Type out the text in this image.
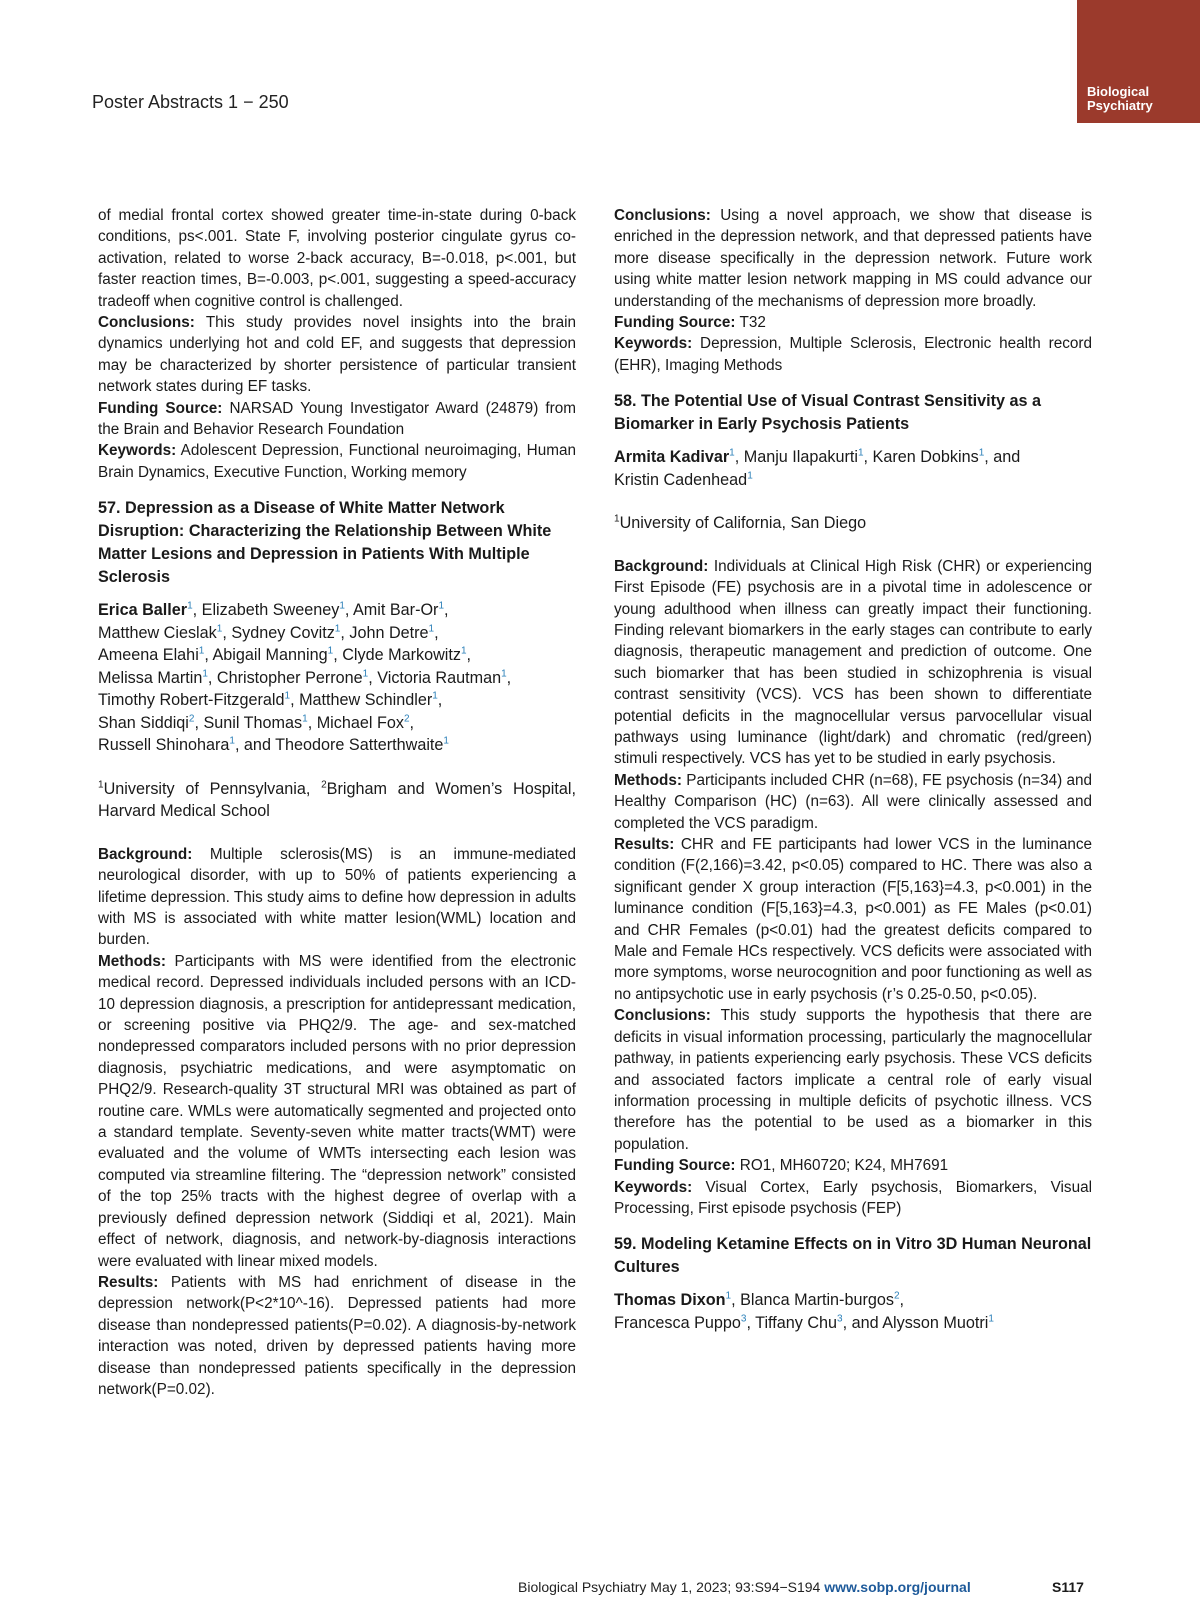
Biological
Psychiatry
Poster Abstracts 1 − 250

of medial frontal cortex showed greater time-in-state during 0-back conditions, ps<.001. State F, involving posterior cingulate gyrus co-activation, related to worse 2-back accuracy, B=-0.018, p<.001, but faster reaction times, B=-0.003, p<.001, suggesting a speed-accuracy tradeoff when cognitive control is challenged.

Conclusions: This study provides novel insights into the brain dynamics underlying hot and cold EF, and suggests that depression may be characterized by shorter persistence of particular transient network states during EF tasks.

Funding Source: NARSAD Young Investigator Award (24879) from the Brain and Behavior Research Foundation

Keywords: Adolescent Depression, Functional neuroimaging, Human Brain Dynamics, Executive Function, Working memory

57. Depression as a Disease of White Matter Network Disruption: Characterizing the Relationship Between White Matter Lesions and Depression in Patients With Multiple Sclerosis

Erica Baller$^1$, Elizabeth Sweeney$^1$, Amit Bar-Or$^1$,
Matthew Cieslak$^1$, Sydney Covitz$^1$, John Detre$^1$,
Ameena Elahi$^1$, Abigail Manning$^1$, Clyde Markowitz$^1$,
Melissa Martin$^1$, Christopher Perrone$^1$, Victoria Rautman$^1$,
Timothy Robert-Fitzgerald$^1$, Matthew Schindler$^1$,
Shan Siddiqi$^2$, Sunil Thomas$^1$, Michael Fox$^2$,
Russell Shinohara$^1$, and Theodore Satterthwaite$^1$

$^1$University of Pennsylvania, $^2$Brigham and Women’s Hospital, Harvard Medical School

Background: Multiple sclerosis(MS) is an immune-mediated neurological disorder, with up to 50% of patients experiencing a lifetime depression. This study aims to define how depression in adults with MS is associated with white matter lesion(WML) location and burden.

Methods: Participants with MS were identified from the electronic medical record. Depressed individuals included persons with an ICD-10 depression diagnosis, a prescription for antidepressant medication, or screening positive via PHQ2/9. The age- and sex-matched nondepressed comparators included persons with no prior depression diagnosis, psychiatric medications, and were asymptomatic on PHQ2/9. Research-quality 3T structural MRI was obtained as part of routine care. WMLs were automatically segmented and projected onto a standard template. Seventy-seven white matter tracts(WMT) were evaluated and the volume of WMTs intersecting each lesion was computed via streamline filtering. The “depression network” consisted of the top 25% tracts with the highest degree of overlap with a previously defined depression network (Siddiqi et al, 2021). Main effect of network, diagnosis, and network-by-diagnosis interactions were evaluated with linear mixed models.

Results: Patients with MS had enrichment of disease in the depression network(P<2*10^-16). Depressed patients had more disease than nondepressed patients(P=0.02). A diagnosis-by-network interaction was noted, driven by depressed patients having more disease than nondepressed patients specifically in the depression network(P=0.02).

Conclusions: Using a novel approach, we show that disease is enriched in the depression network, and that depressed patients have more disease specifically in the depression network. Future work using white matter lesion network mapping in MS could advance our understanding of the mechanisms of depression more broadly.

Funding Source: T32

Keywords: Depression, Multiple Sclerosis, Electronic health record (EHR), Imaging Methods

58. The Potential Use of Visual Contrast Sensitivity as a Biomarker in Early Psychosis Patients

Armita Kadivar$^1$, Manju Ilapakurti$^1$, Karen Dobkins$^1$, and
Kristin Cadenhead$^1$

$^1$University of California, San Diego

Background: Individuals at Clinical High Risk (CHR) or experiencing First Episode (FE) psychosis are in a pivotal time in adolescence or young adulthood when illness can greatly impact their functioning. Finding relevant biomarkers in the early stages can contribute to early diagnosis, therapeutic management and prediction of outcome. One such biomarker that has been studied in schizophrenia is visual contrast sensitivity (VCS). VCS has been shown to differentiate potential deficits in the magnocellular versus parvocellular visual pathways using luminance (light/dark) and chromatic (red/green) stimuli respectively. VCS has yet to be studied in early psychosis.

Methods: Participants included CHR (n=68), FE psychosis (n=34) and Healthy Comparison (HC) (n=63). All were clinically assessed and completed the VCS paradigm.

Results: CHR and FE participants had lower VCS in the luminance condition (F(2,166)=3.42, p<0.05) compared to HC. There was also a significant gender X group interaction (F[5,163}=4.3, p<0.001) in the luminance condition (F[5,163}=4.3, p<0.001) as FE Males (p<0.01) and CHR Females (p<0.01) had the greatest deficits compared to Male and Female HCs respectively. VCS deficits were associated with more symptoms, worse neurocognition and poor functioning as well as no antipsychotic use in early psychosis (r’s 0.25-0.50, p<0.05).

Conclusions: This study supports the hypothesis that there are deficits in visual information processing, particularly the magnocellular pathway, in patients experiencing early psychosis. These VCS deficits and associated factors implicate a central role of early visual information processing in multiple deficits of psychotic illness. VCS therefore has the potential to be used as a biomarker in this population.

Funding Source: RO1, MH60720; K24, MH7691

Keywords: Visual Cortex, Early psychosis, Biomarkers, Visual Processing, First episode psychosis (FEP)

59. Modeling Ketamine Effects on in Vitro 3D Human Neuronal Cultures

Thomas Dixon$^1$, Blanca Martin-burgos$^2$,
Francesca Puppo$^3$, Tiffany Chu$^3$, and Alysson Muotri$^1$

Biological Psychiatry May 1, 2023; 93:S94−S194 www.sobp.org/journal	S117
